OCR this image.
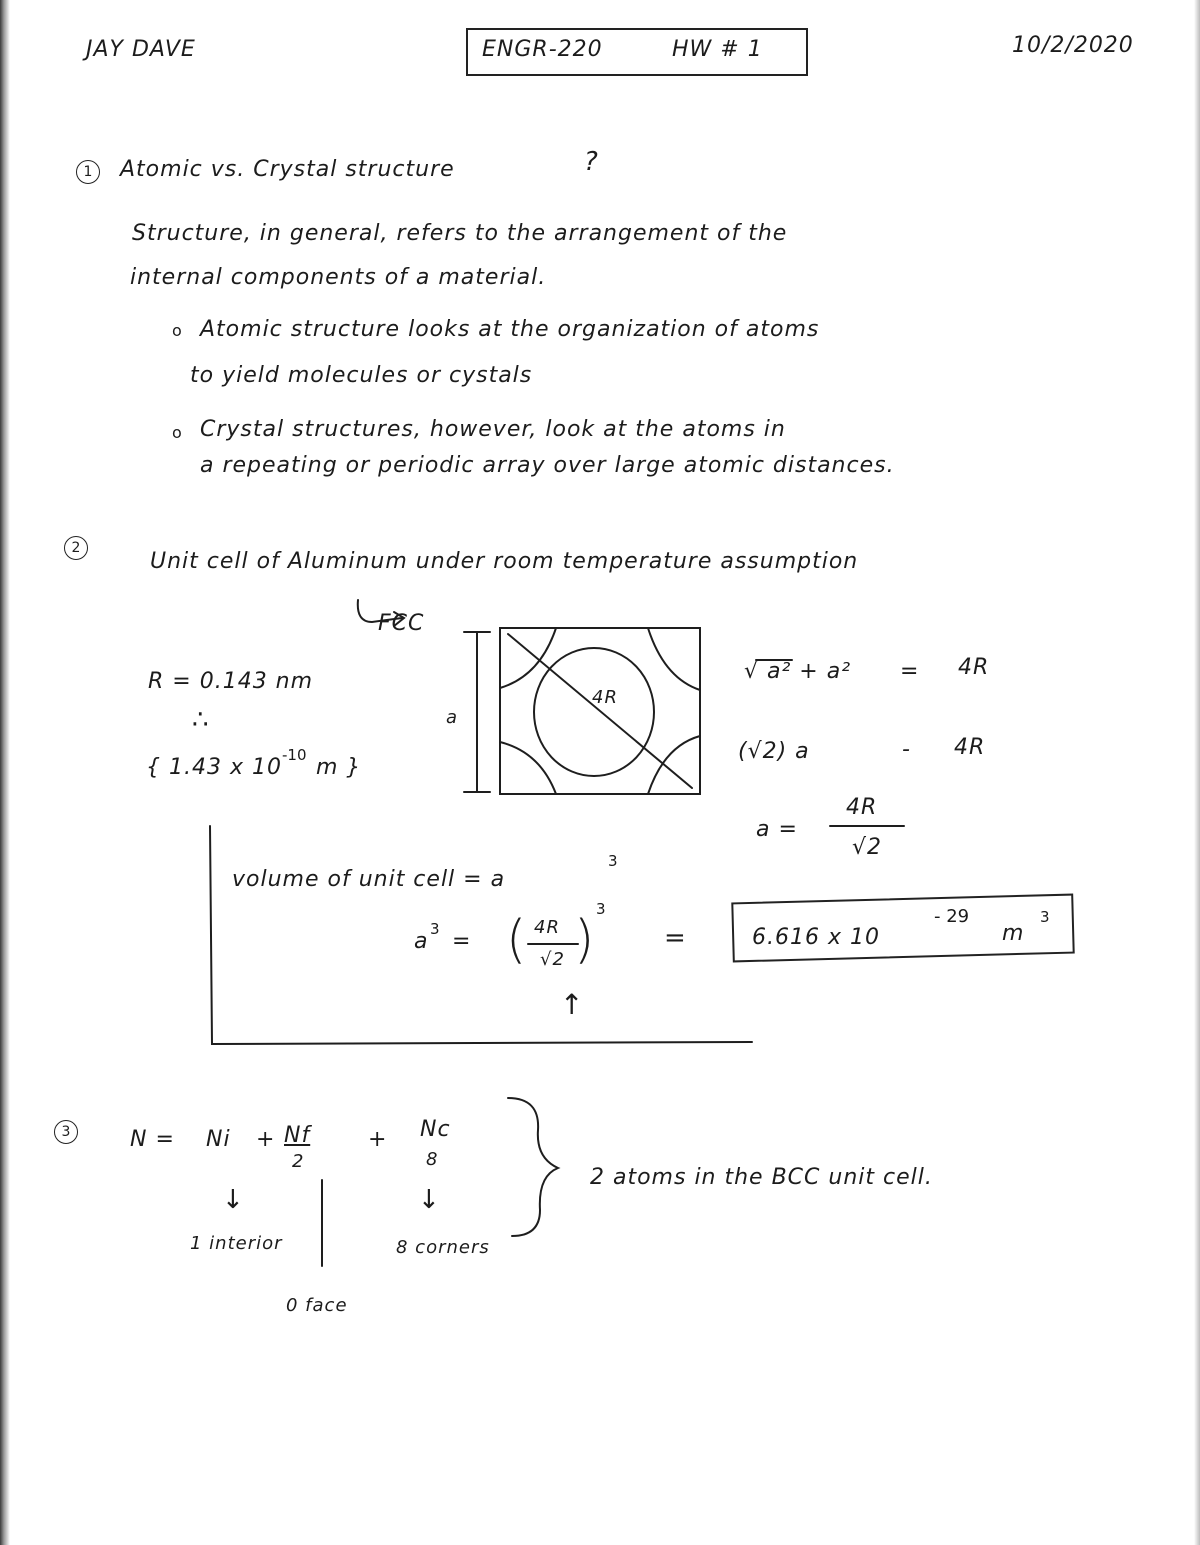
JAY DAVE	ENGR-220	HW # 1	10/2/2020
1	Atomic vs. Crystal structure	?
Structure, in general, refers to the arrangement of the
internal components of a material.
o Atomic structure looks at the organization of atoms
to yield molecules or cystals
o Crystal structures, however, look at the atoms in
a repeating or periodic array over large atomic distances.
2
Unit cell of Aluminum under room temperature assumption
FCC
R = 0.143 nm
∴
{ 1.43 x 10 -10 m }
a
4R
√ a² + a² = 4R
(√2) a	- 4R
a =
4R
√2
volume of unit cell = a
3
a 3 = ( 4R
√2 )
3
=
↑
6.616 x 10
- 29
m
3
3	N = Ni + Nf
2
+ Nc
8
↓	↓
1 interior	8 corners
0 face
2 atoms in the BCC unit cell.
